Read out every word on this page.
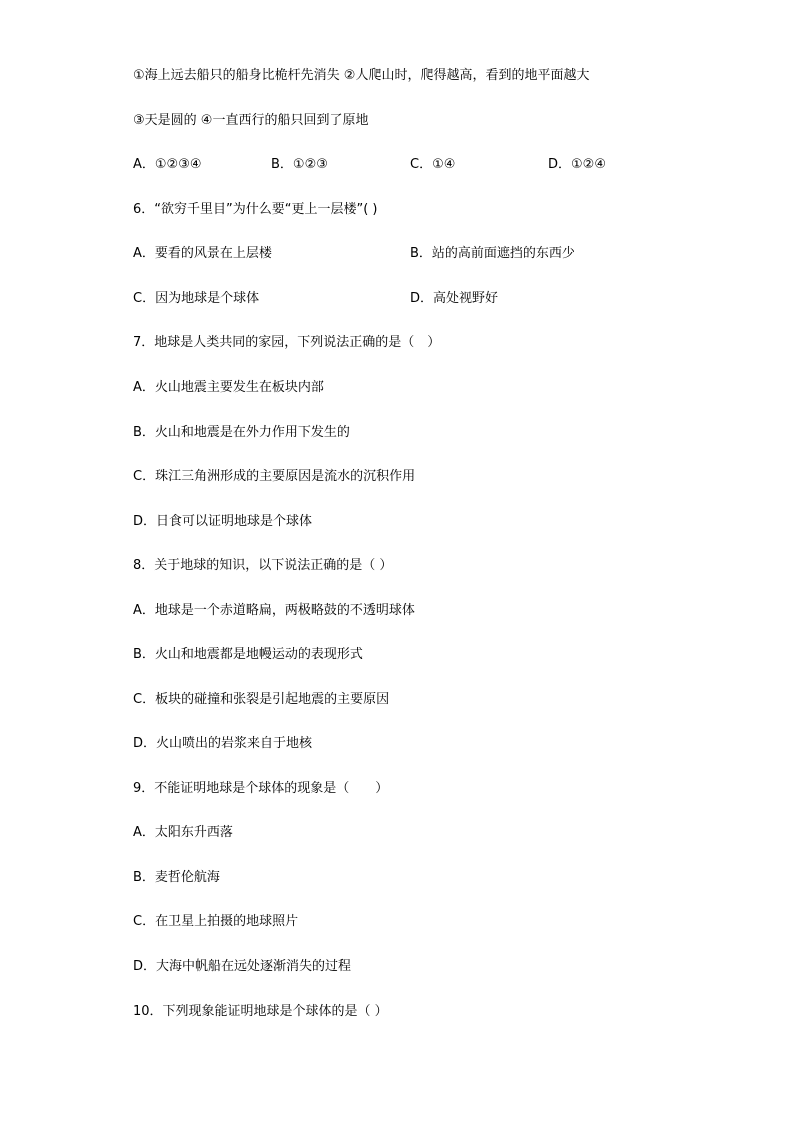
①海上远去船只的船身比桅杆先消失 ②人爬山时，爬得越高，看到的地平面越大
③天是圆的 ④一直西行的船只回到了原地
A．①②③④	B．①②③	C．①④	D．①②④
6．“欲穷千里目”为什么要“更上一层楼”( )
A．要看的风景在上层楼	B．站的高前面遮挡的东西少
C．因为地球是个球体	D．高处视野好
7．地球是人类共同的家园，下列说法正确的是（　）
A．火山地震主要发生在板块内部
B．火山和地震是在外力作用下发生的
C．珠江三角洲形成的主要原因是流水的沉积作用
D．日食可以证明地球是个球体
8．关于地球的知识，以下说法正确的是（ ）
A．地球是一个赤道略扁，两极略鼓的不透明球体
B．火山和地震都是地幔运动的表现形式
C．板块的碰撞和张裂是引起地震的主要原因
D．火山喷出的岩浆来自于地核
9．不能证明地球是个球体的现象是（　　）
A．太阳东升西落
B．麦哲伦航海
C．在卫星上拍摄的地球照片
D．大海中帆船在远处逐渐消失的过程
10．下列现象能证明地球是个球体的是（ ）
